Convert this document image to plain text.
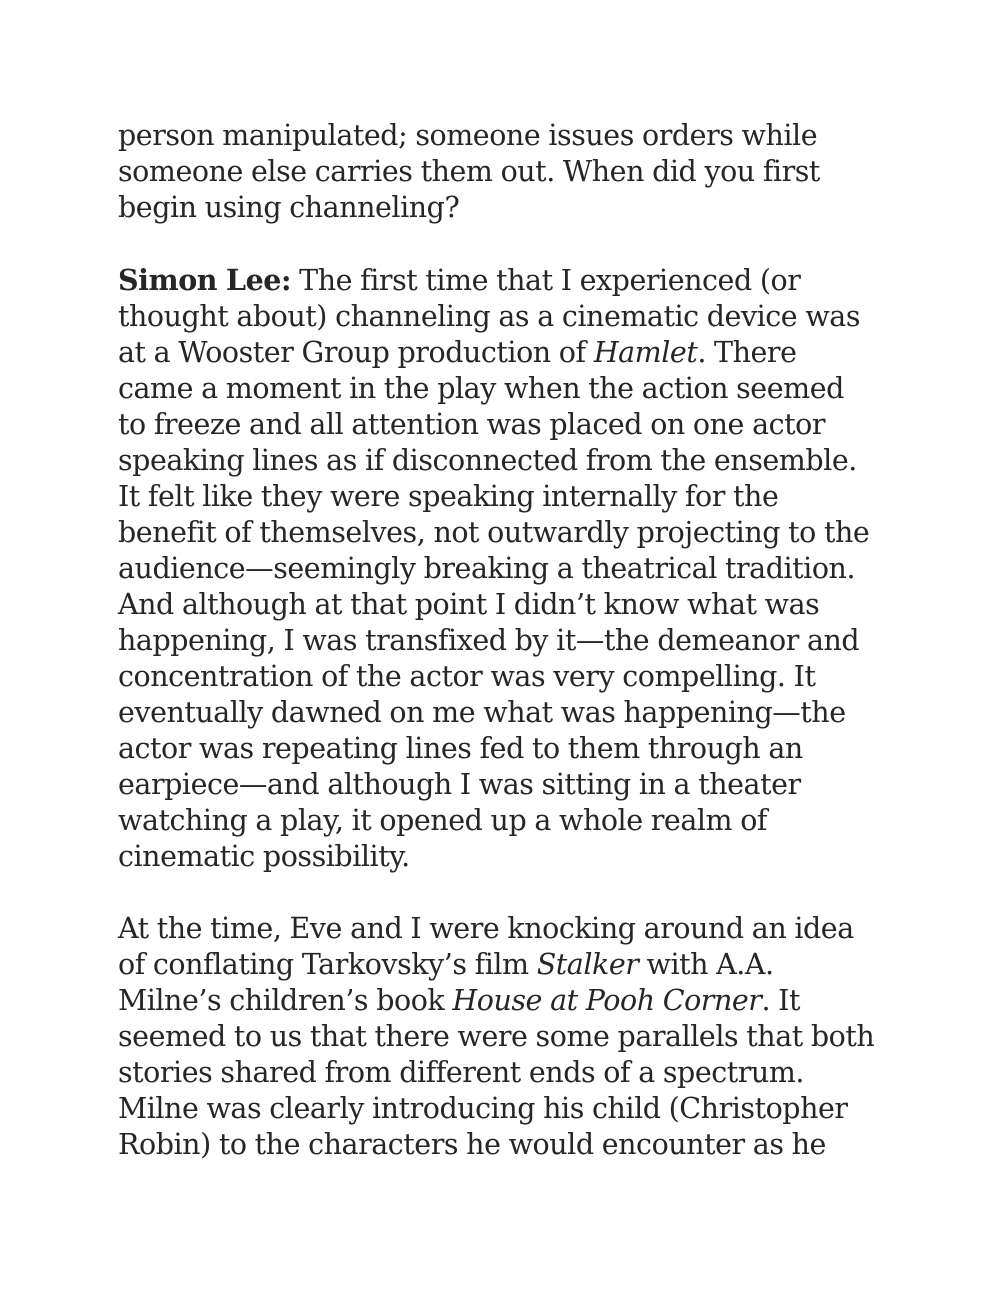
person manipulated; someone issues orders while
someone else carries them out. When did you first
begin using channeling?
Simon Lee: The first time that I experienced (or
thought about) channeling as a cinematic device was
at a Wooster Group production of Hamlet. There
came a moment in the play when the action seemed
to freeze and all attention was placed on one actor
speaking lines as if disconnected from the ensemble.
It felt like they were speaking internally for the
benefit of themselves, not outwardly projecting to the
audience—seemingly breaking a theatrical tradition.
And although at that point I didn’t know what was
happening, I was transfixed by it—the demeanor and
concentration of the actor was very compelling. It
eventually dawned on me what was happening—the
actor was repeating lines fed to them through an
earpiece—and although I was sitting in a theater
watching a play, it opened up a whole realm of
cinematic possibility.
At the time, Eve and I were knocking around an idea
of conflating Tarkovsky’s film Stalker with A.A.
Milne’s children’s book House at Pooh Corner. It
seemed to us that there were some parallels that both
stories shared from different ends of a spectrum.
Milne was clearly introducing his child (Christopher
Robin) to the characters he would encounter as he
